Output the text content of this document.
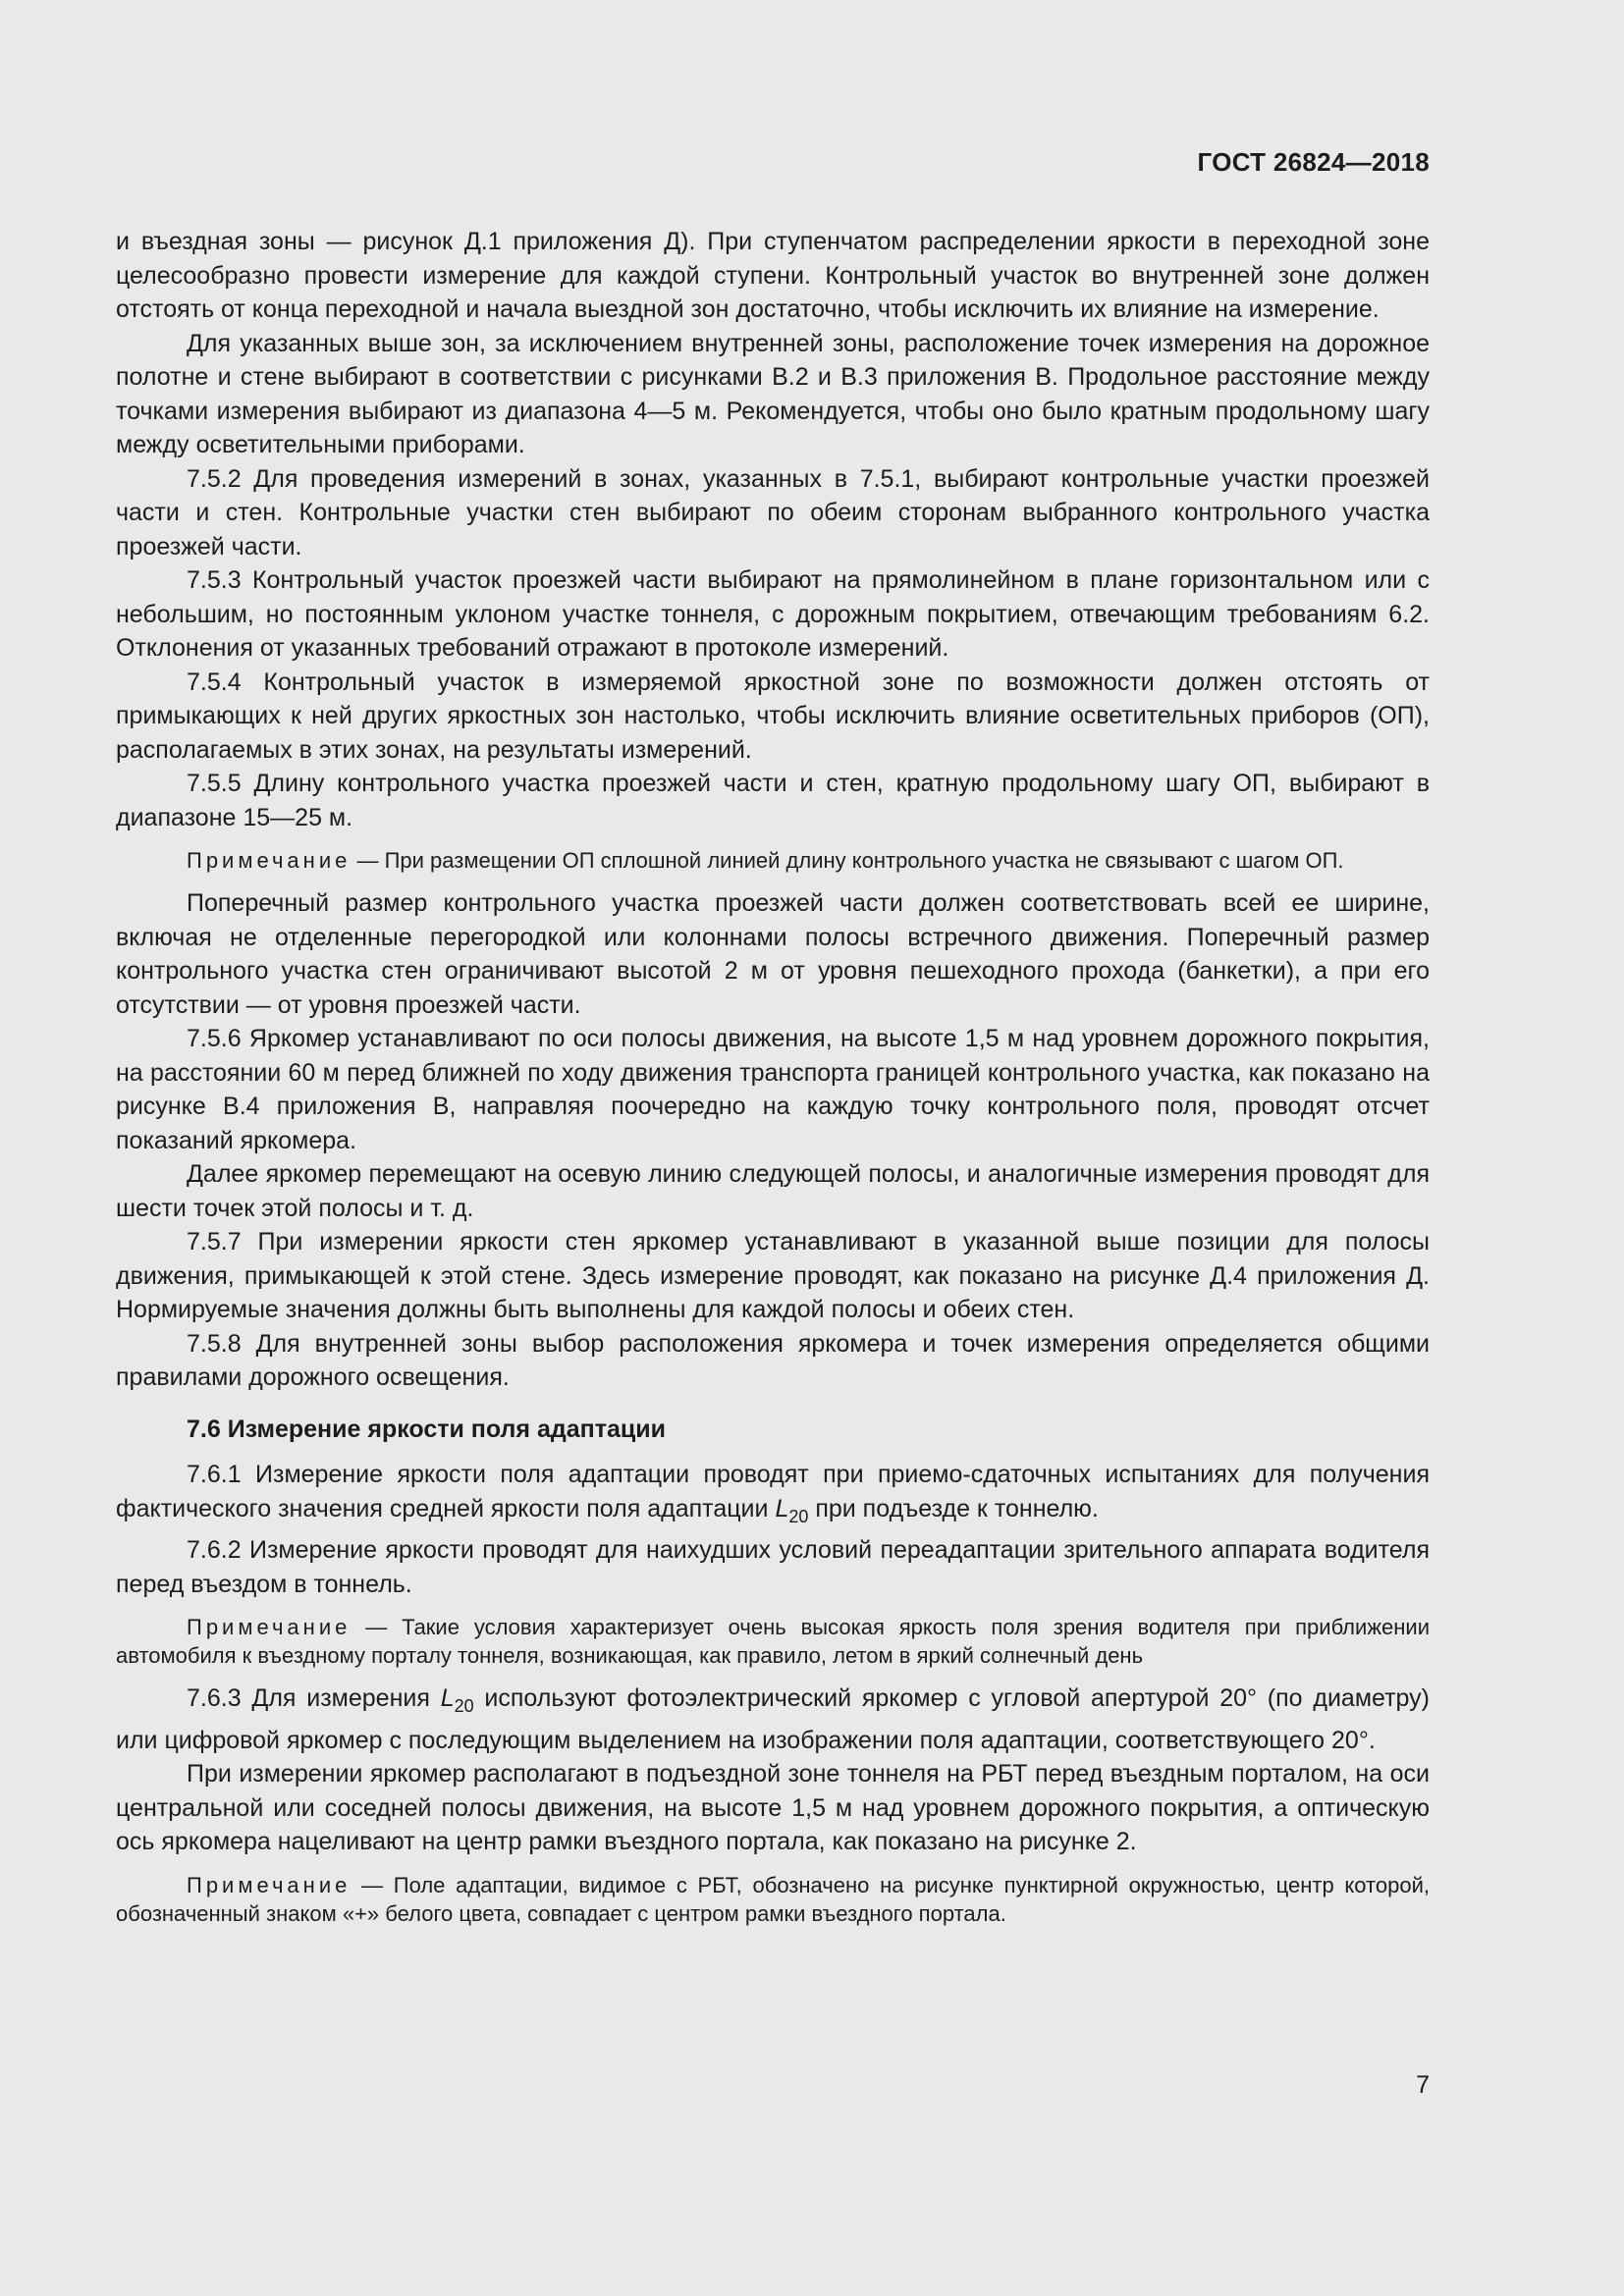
ГОСТ 26824—2018

и въездная зоны — рисунок Д.1 приложения Д). При ступенчатом распределении яркости в переходной зоне целесообразно провести измерение для каждой ступени. Контрольный участок во внутренней зоне должен отстоять от конца переходной и начала выездной зон достаточно, чтобы исключить их влияние на измерение.

Для указанных выше зон, за исключением внутренней зоны, расположение точек измерения на дорожное полотне и стене выбирают в соответствии с рисунками В.2 и В.3 приложения В. Продольное расстояние между точками измерения выбирают из диапазона 4—5 м. Рекомендуется, чтобы оно было кратным продольному шагу между осветительными приборами.

7.5.2 Для проведения измерений в зонах, указанных в 7.5.1, выбирают контрольные участки проезжей части и стен. Контрольные участки стен выбирают по обеим сторонам выбранного контрольного участка проезжей части.

7.5.3 Контрольный участок проезжей части выбирают на прямолинейном в плане горизонтальном или с небольшим, но постоянным уклоном участке тоннеля, с дорожным покрытием, отвечающим требованиям 6.2. Отклонения от указанных требований отражают в протоколе измерений.

7.5.4 Контрольный участок в измеряемой яркостной зоне по возможности должен отстоять от примыкающих к ней других яркостных зон настолько, чтобы исключить влияние осветительных приборов (ОП), располагаемых в этих зонах, на результаты измерений.

7.5.5 Длину контрольного участка проезжей части и стен, кратную продольному шагу ОП, выбирают в диапазоне 15—25 м.

Примечание — При размещении ОП сплошной линией длину контрольного участка не связывают с шагом ОП.

Поперечный размер контрольного участка проезжей части должен соответствовать всей ее ширине, включая не отделенные перегородкой или колоннами полосы встречного движения. Поперечный размер контрольного участка стен ограничивают высотой 2 м от уровня пешеходного прохода (банкетки), а при его отсутствии — от уровня проезжей части.

7.5.6 Яркомер устанавливают по оси полосы движения, на высоте 1,5 м над уровнем дорожного покрытия, на расстоянии 60 м перед ближней по ходу движения транспорта границей контрольного участка, как показано на рисунке В.4 приложения В, направляя поочередно на каждую точку контрольного поля, проводят отсчет показаний яркомера.

Далее яркомер перемещают на осевую линию следующей полосы, и аналогичные измерения проводят для шести точек этой полосы и т. д.

7.5.7 При измерении яркости стен яркомер устанавливают в указанной выше позиции для полосы движения, примыкающей к этой стене. Здесь измерение проводят, как показано на рисунке Д.4 приложения Д. Нормируемые значения должны быть выполнены для каждой полосы и обеих стен.

7.5.8 Для внутренней зоны выбор расположения яркомера и точек измерения определяется общими правилами дорожного освещения.

7.6 Измерение яркости поля адаптации

7.6.1 Измерение яркости поля адаптации проводят при приемо-сдаточных испытаниях для получения фактического значения средней яркости поля адаптации $L_{20}$ при подъезде к тоннелю.

7.6.2 Измерение яркости проводят для наихудших условий переадаптации зрительного аппарата водителя перед въездом в тоннель.

Примечание — Такие условия характеризует очень высокая яркость поля зрения водителя при приближении автомобиля к въездному порталу тоннеля, возникающая, как правило, летом в яркий солнечный день

7.6.3 Для измерения $L_{20}$ используют фотоэлектрический яркомер с угловой апертурой 20° (по диаметру) или цифровой яркомер с последующим выделением на изображении поля адаптации, соответствующего 20°.

При измерении яркомер располагают в подъездной зоне тоннеля на РБТ перед въездным порталом, на оси центральной или соседней полосы движения, на высоте 1,5 м над уровнем дорожного покрытия, а оптическую ось яркомера нацеливают на центр рамки въездного портала, как показано на рисунке 2.

Примечание — Поле адаптации, видимое с РБТ, обозначено на рисунке пунктирной окружностью, центр которой, обозначенный знаком «+» белого цвета, совпадает с центром рамки въездного портала.

7
